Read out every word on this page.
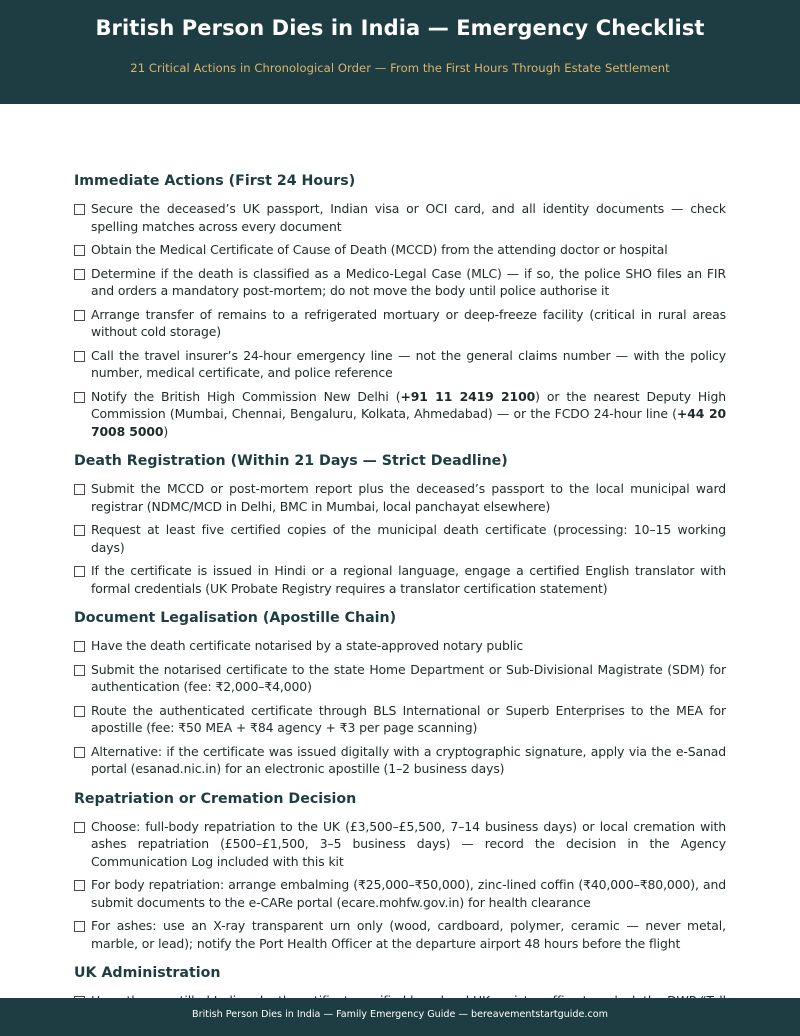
British Person Dies in India — Emergency Checklist
21 Critical Actions in Chronological Order — From the First Hours Through Estate Settlement
Immediate Actions (First 24 Hours)
Secure the deceased’s UK passport, Indian visa or OCI card, and all identity documents — check spelling matches across every document
Obtain the Medical Certificate of Cause of Death (MCCD) from the attending doctor or hospital
Determine if the death is classified as a Medico-Legal Case (MLC) — if so, the police SHO files an FIR and orders a mandatory post-mortem; do not move the body until police authorise it
Arrange transfer of remains to a refrigerated mortuary or deep-freeze facility (critical in rural areas without cold storage)
Call the travel insurer’s 24-hour emergency line — not the general claims number — with the policy number, medical certificate, and police reference
Notify the British High Commission New Delhi (+91 11 2419 2100) or the nearest Deputy High Commission (Mumbai, Chennai, Bengaluru, Kolkata, Ahmedabad) — or the FCDO 24-hour line (+44 20 7008 5000)
Death Registration (Within 21 Days — Strict Deadline)
Submit the MCCD or post-mortem report plus the deceased’s passport to the local municipal ward registrar (NDMC/MCD in Delhi, BMC in Mumbai, local panchayat elsewhere)
Request at least five certified copies of the municipal death certificate (processing: 10–15 working days)
If the certificate is issued in Hindi or a regional language, engage a certified English translator with formal credentials (UK Probate Registry requires a translator certification statement)
Document Legalisation (Apostille Chain)
Have the death certificate notarised by a state-approved notary public
Submit the notarised certificate to the state Home Department or Sub-Divisional Magistrate (SDM) for authentication (fee: ₹2,000–₹4,000)
Route the authenticated certificate through BLS International or Superb Enterprises to the MEA for apostille (fee: ₹50 MEA + ₹84 agency + ₹3 per page scanning)
Alternative: if the certificate was issued digitally with a cryptographic signature, apply via the e-Sanad portal (esanad.nic.in) for an electronic apostille (1–2 business days)
Repatriation or Cremation Decision
Choose: full-body repatriation to the UK (£3,500–£5,500, 7–14 business days) or local cremation with ashes repatriation (£500–£1,500, 3–5 business days) — record the decision in the Agency Communication Log included with this kit
For body repatriation: arrange embalming (₹25,000–₹50,000), zinc-lined coffin (₹40,000–₹80,000), and submit documents to the e-CARe portal (ecare.mohfw.gov.in) for health clearance
For ashes: use an X-ray transparent urn only (wood, cardboard, polymer, ceramic — never metal, marble, or lead); notify the Port Health Officer at the departure airport 48 hours before the flight
UK Administration
British Person Dies in India — Family Emergency Guide — bereavementstartguide.com
